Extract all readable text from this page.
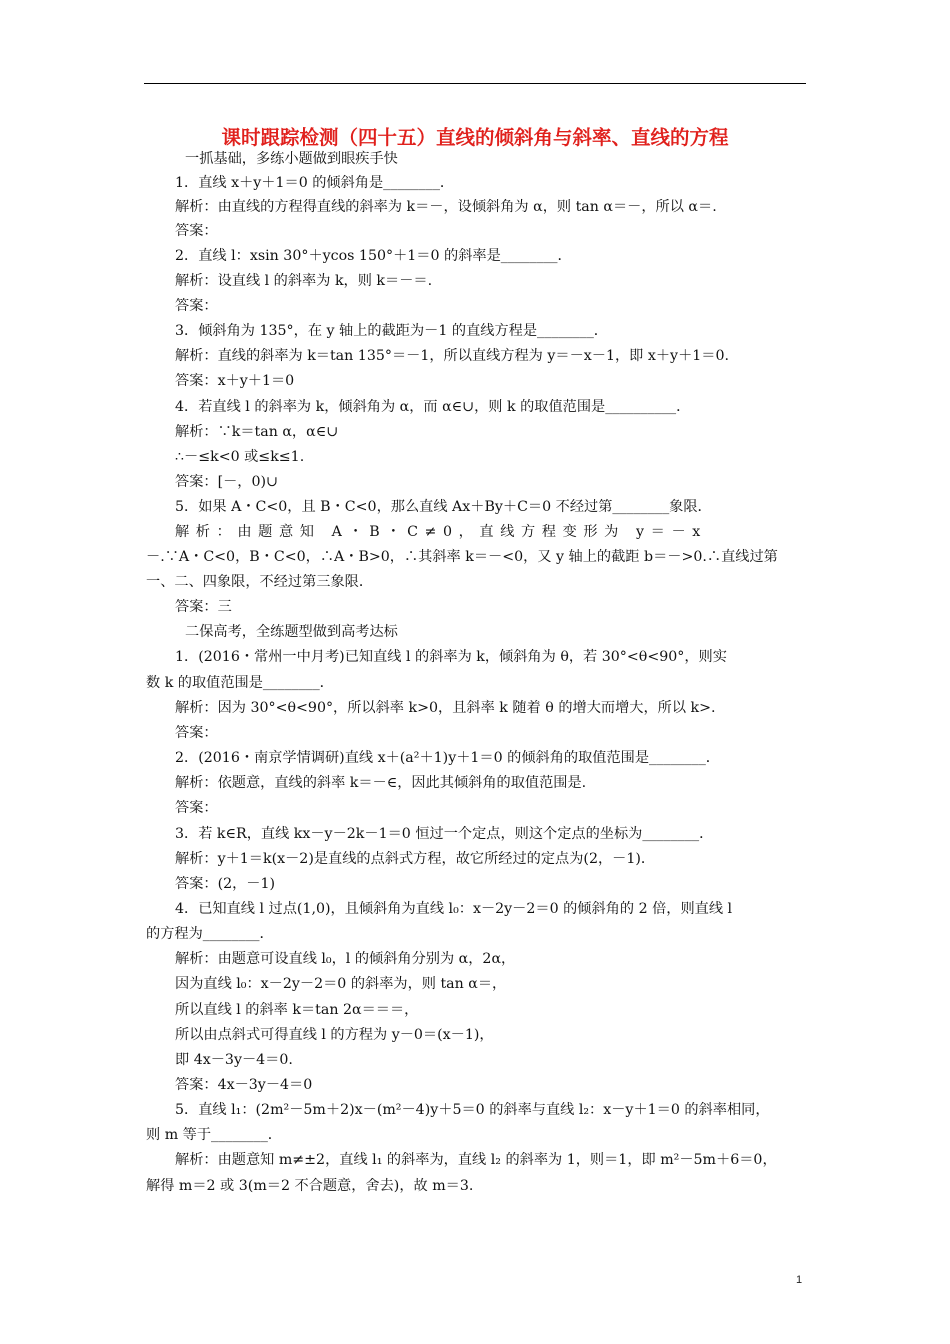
课时跟踪检测（四十五）直线的倾斜角与斜率、直线的方程
一抓基础，多练小题做到眼疾手快
1．直线 x＋y＋1＝0 的倾斜角是________．
解析：由直线的方程得直线的斜率为 k＝－，设倾斜角为 α，则 tan α＝－，所以 α＝.
答案：
2．直线 l：xsin 30°＋ycos 150°＋1＝0 的斜率是________．
解析：设直线 l 的斜率为 k，则 k＝－＝.
答案：
3．倾斜角为 135°，在 y 轴上的截距为－1 的直线方程是________．
解析：直线的斜率为 k＝tan 135°＝－1，所以直线方程为 y＝－x－1，即 x＋y＋1＝0.
答案：x＋y＋1＝0
4．若直线 l 的斜率为 k，倾斜角为 α，而 α∈∪，则 k 的取值范围是__________．
解析：∵k＝tan α，α∈∪
∴－≤k<0 或≤k≤1.
答案：[－，0)∪
5．如果 A・C<0，且 B・C<0，那么直线 Ax＋By＋C＝0 不经过第________象限．
解析：由题意知 A・B・C≠0，直线方程变形为 y＝－x
－.∵A・C<0，B・C<0，∴A・B>0，∴其斜率 k＝－<0，又 y 轴上的截距 b＝－>0.∴直线过第
一、二、四象限，不经过第三象限．
答案：三
二保高考，全练题型做到高考达标
1．(2016・常州一中月考)已知直线 l 的斜率为 k，倾斜角为 θ，若 30°<θ<90°，则实
数 k 的取值范围是________．
解析：因为 30°<θ<90°，所以斜率 k>0，且斜率 k 随着 θ 的增大而增大，所以 k>.
答案：
2．(2016・南京学情调研)直线 x＋(a²＋1)y＋1＝0 的倾斜角的取值范围是________．
解析：依题意，直线的斜率 k＝－∈，因此其倾斜角的取值范围是.
答案：
3．若 k∈R，直线 kx－y－2k－1＝0 恒过一个定点，则这个定点的坐标为________．
解析：y＋1＝k(x－2)是直线的点斜式方程，故它所经过的定点为(2，－1)．
答案：(2，－1)
4．已知直线 l 过点(1,0)，且倾斜角为直线 l₀：x－2y－2＝0 的倾斜角的 2 倍，则直线 l
的方程为________．
解析：由题意可设直线 l₀，l 的倾斜角分别为 α，2α，
因为直线 l₀：x－2y－2＝0 的斜率为，则 tan α＝，
所以直线 l 的斜率 k＝tan 2α＝＝＝，
所以由点斜式可得直线 l 的方程为 y－0＝(x－1)，
即 4x－3y－4＝0.
答案：4x－3y－4＝0
5．直线 l₁：(2m²－5m＋2)x－(m²－4)y＋5＝0 的斜率与直线 l₂：x－y＋1＝0 的斜率相同，
则 m 等于________．
解析：由题意知 m≠±2，直线 l₁ 的斜率为，直线 l₂ 的斜率为 1，则＝1，即 m²－5m＋6＝0，
解得 m＝2 或 3(m＝2 不合题意，舍去)，故 m＝3.
1
